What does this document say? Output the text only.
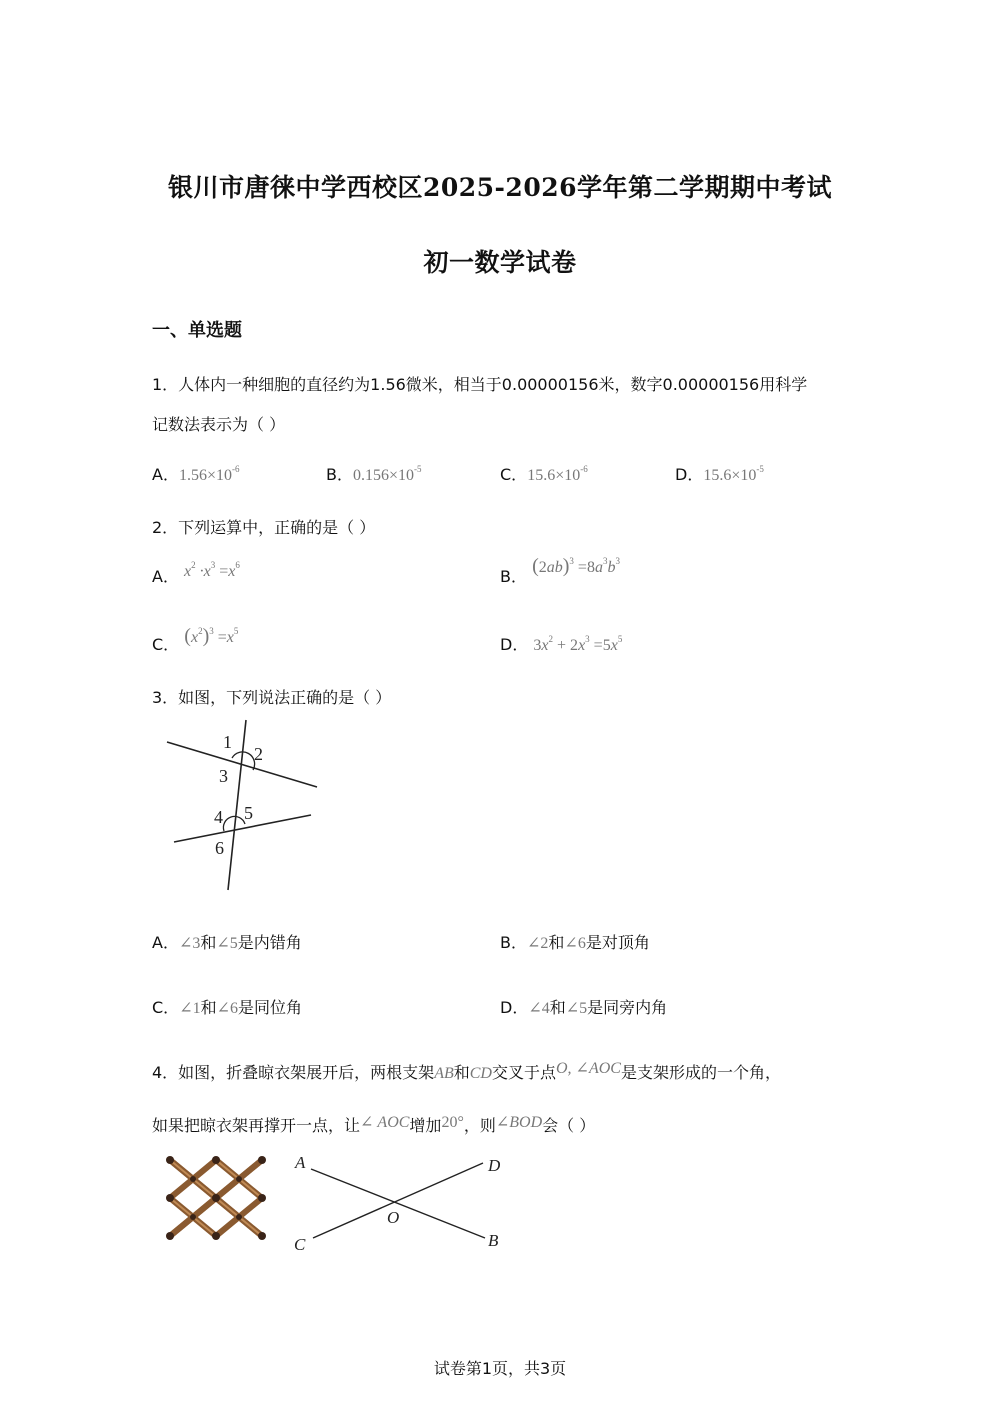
银川市唐徕中学西校区2025-2026学年第二学期期中考试
初一数学试卷
一、单选题
1．人体内一种细胞的直径约为1.56微米，相当于0.00000156米，数字0.00000156用科学
记数法表示为（ ）
A．$1.56\times 10^{-6}$	B．$0.156\times 10^{-5}$	C．$15.6\times 10^{-6}$	D．$15.6\times 10^{-5}$
2．下列运算中，正确的是（ ）
A． $x^2 \cdot x^3 =x^6$
B． $(2ab)^3 =8a^3b^3$
C． $(x^2)^3 =x^5$
D． $3x^2 + 2x^3 =5x^5$
3．如图，下列说法正确的是（ ）
1
2
3
4 5
6
A．∠3和∠5是内错角	B．∠2和∠6是对顶角
C．∠1和∠6是同位角	D．∠4和∠5是同旁内角
4．如图，折叠晾衣架展开后，两根支架AB和CD交叉于点O, ∠AOC是支架形成的一个角，
如果把晾衣架再撑开一点，让∠ AOC增加20°，则∠BOD会（ ）
A	D
O
C	B
试卷第1页，共3页
